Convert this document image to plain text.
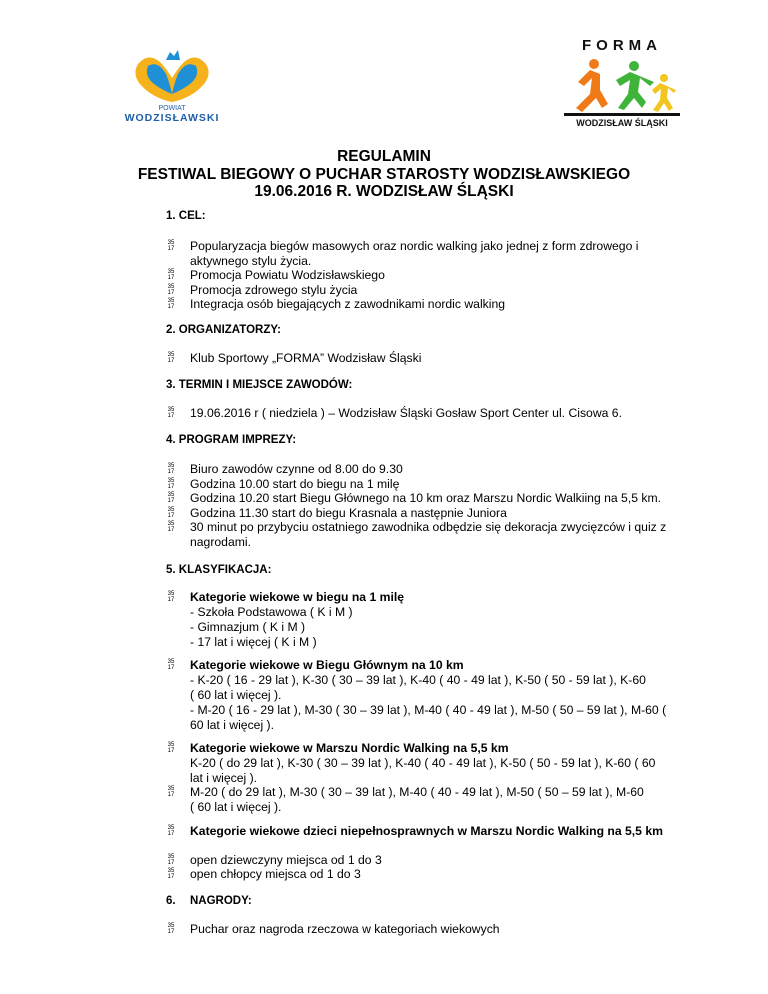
POWIAT
WODZISŁAWSKI
FORMA
WODZISŁAW ŚLĄSKI
REGULAMIN
FESTIWAL BIEGOWY O PUCHAR STAROSTY WODZISŁAWSKIEGO
19.06.2016 R. WODZISŁAW ŚLĄSKI
1. CEL:
35
17 Popularyzacja biegów masowych oraz nordic walking jako jednej z form zdrowego i
aktywnego stylu życia.
35
17 Promocja Powiatu Wodzisławskiego
35
17 Promocja zdrowego stylu życia
35
17 Integracja osób biegających z zawodnikami nordic walking
2. ORGANIZATORZY:
35
17 Klub Sportowy „FORMA” Wodzisław Śląski
3. TERMIN I MIEJSCE ZAWODÓW:
35
17 19.06.2016 r ( niedziela ) – Wodzisław Śląski Gosław Sport Center ul. Cisowa 6.
4. PROGRAM IMPREZY:
35
17 Biuro zawodów czynne od 8.00 do 9.30
35
17 Godzina 10.00 start do biegu na 1 milę
35
17 Godzina 10.20 start Biegu Głównego na 10 km oraz Marszu Nordic Walkiing na 5,5 km.
35
17 Godzina 11.30 start do biegu Krasnala a następnie Juniora
35
17 30 minut po przybyciu ostatniego zawodnika odbędzie się dekoracja zwycięzców i quiz z
nagrodami.
5. KLASYFIKACJA:
35
17 Kategorie wiekowe w biegu na 1 milę
- Szkoła Podstawowa ( K i M )
- Gimnazjum ( K i M )
- 17 lat i więcej ( K i M )
35
17 Kategorie wiekowe w Biegu Głównym na 10 km
- K-20 ( 16 - 29 lat ), K-30 ( 30 – 39 lat ), K-40 ( 40 - 49 lat ), K-50 ( 50 - 59 lat ), K-60
( 60 lat i więcej ).
- M-20 ( 16 - 29 lat ), M-30 ( 30 – 39 lat ), M-40 ( 40 - 49 lat ), M-50 ( 50 – 59 lat ), M-60 (
60 lat i więcej ).
35
17 Kategorie wiekowe w Marszu Nordic Walking na 5,5 km
K-20 ( do 29 lat ), K-30 ( 30 – 39 lat ), K-40 ( 40 - 49 lat ), K-50 ( 50 - 59 lat ), K-60 ( 60
lat i więcej ).
35
17 M-20 ( do 29 lat ), M-30 ( 30 – 39 lat ), M-40 ( 40 - 49 lat ), M-50 ( 50 – 59 lat ), M-60
( 60 lat i więcej ).
35
17 Kategorie wiekowe dzieci niepełnosprawnych w Marszu Nordic Walking na 5,5 km
35
17 open dziewczyny miejsca od 1 do 3
35
17 open chłopcy miejsca od 1 do 3
6. NAGRODY:
35
17 Puchar oraz nagroda rzeczowa w kategoriach wiekowych
